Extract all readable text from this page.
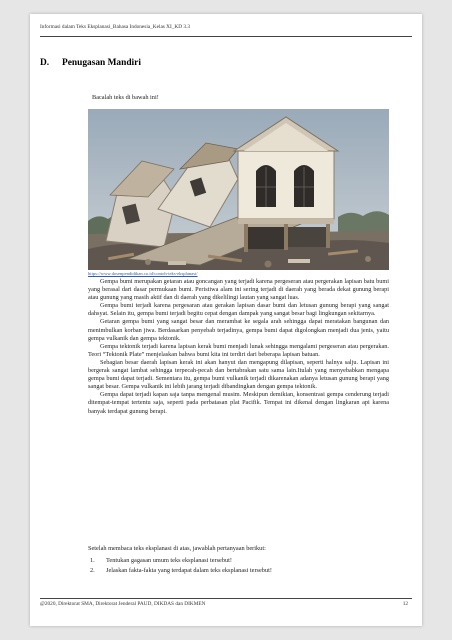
Informasi dalam Teks Eksplanasi_Bahasa Indonesia_Kelas XI_KD 3.3
D. Penugasan Mandiri
Bacalah teks di bawah ini!
https://www.dosenpendidikan.co.id/contoh-teks-eksplanasi/

Gempa bumi merupakan getaran atau goncangan yang terjadi karena pergeseran atau pergerakan lapisan batu bumi yang berasal dari dasar permukaan bumi. Peristiwa alam ini sering terjadi di daerah yang berada dekat gunung berapi atau gunung yang masih aktif dan di daerah yang dikelilingi lautan yang sangat luas.

Gempa bumi terjadi karena pergesaran atau gerakan lapisan dasar bumi dan letusan gunung berapi yang sangat dahsyat. Selain itu, gempa bumi terjadi begitu cepat dengan dampak yang sangat besar bagi lingkungan sekitarnya.

Getaran gempa bumi yang sangat besar dan merambat ke segala arah sehingga dapat meratakan bangunan dan menimbulkan korban jiwa. Berdasarkan penyebab terjadinya, gempa bumi dapat digolongkan menjadi dua jenis, yaitu gempa vulkanik dan gempa tektonik.

Gempa tektonik terjadi karena lapisan kerak bumi menjadi lunak sehingga mengalami pergeseran atau pergerakan. Teori “Tektonik Plate” menjelaskan bahwa bumi kita ini terdiri dari beberapa lapisan batuan.

Sebagian besar daerah lapisan kerak ini akan hanyut dan mengapung dilapisan, seperti halnya salju. Lapisan ini bergerak sangat lambat sehingga terpecah-pecah dan bertabrakan satu sama lain.Itulah yang menyebabkan mengapa gempa bumi dapat terjadi. Sementara itu, gempa bumi vulkanik terjadi dikarenakan adanya letusan gunung berapi yang sangat besar. Gempa vulkanik ini lebih jarang terjadi dibandingkan dengan gempa tektonik.

Gempa dapat terjadi kapan saja tanpa mengenal musim. Meskipun demikian, konsentrasi gempa cenderung terjadi ditempat-tempat tertentu saja, seperti pada perbatasan plat Pacifik. Tempat ini dikenal dengan lingkaran api karena banyak terdapat gunung berapi.

Setelah membaca teks eksplanasi di atas, jawablah pertanyaan berikut:
1. Tentukan gagasan umum teks eksplanasi tersebut!
2. Jelaskan fakta-fakta yang terdapat dalam teks eksplanasi tersebut!
@2020, Direktorat SMA, Direktorat Jenderal PAUD, DIKDAS dan DIKMEN	12
